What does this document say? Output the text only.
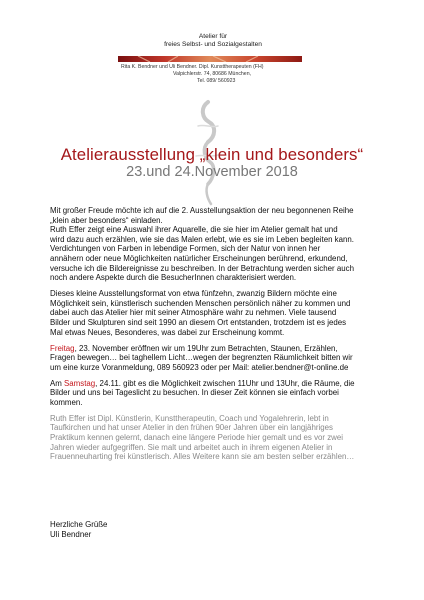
Atelier für
freies Selbst- und Sozialgestalten
Rita K. Bendner und Uli Bendner. Dipl. Kunsttherapeuten (FH)
Valpichlerstr. 74, 80686 München,
Tel. 089/ 560923
Atelierausstellung „klein und besonders“
23.und 24.November 2018
Mit großer Freude möchte ich auf die 2. Ausstellungsaktion der neu begonnenen Reihe
„klein aber besonders“ einladen.
Ruth Effer zeigt eine Auswahl ihrer Aquarelle, die sie hier im Atelier gemalt hat und
wird dazu auch erzählen, wie sie das Malen erlebt, wie es sie im Leben begleiten kann.
Verdichtungen von Farben in lebendige Formen, sich der Natur von innen her
annähern oder neue Möglichkeiten natürlicher Erscheinungen berührend, erkundend,
versuche ich die Bildereignisse zu beschreiben. In der Betrachtung werden sicher auch
noch andere Aspekte durch die BesucherInnen charakterisiert werden.
Dieses kleine Ausstellungsformat von etwa fünfzehn, zwanzig Bildern möchte eine
Möglichkeit sein, künstlerisch suchenden Menschen persönlich näher zu kommen und
dabei auch das Atelier hier mit seiner Atmosphäre wahr zu nehmen. Viele tausend
Bilder und Skulpturen sind seit 1990 an diesem Ort entstanden, trotzdem ist es jedes
Mal etwas Neues, Besonderes, was dabei zur Erscheinung kommt.
Freitag, 23. November eröffnen wir um 19Uhr zum Betrachten, Staunen, Erzählen,
Fragen bewegen… bei taghellem Licht…wegen der begrenzten Räumlichkeit bitten wir
um eine kurze Voranmeldung, 089 560923 oder per Mail: atelier.bendner@t-online.de
Am Samstag, 24.11. gibt es die Möglichkeit zwischen 11Uhr und 13Uhr, die Räume, die
Bilder und uns bei Tageslicht zu besuchen. In dieser Zeit können sie einfach vorbei
kommen.
Ruth Effer ist Dipl. Künstlerin, Kunsttherapeutin, Coach und Yogalehrerin, lebt in
Taufkirchen und hat unser Atelier in den frühen 90er Jahren über ein langjähriges
Praktikum kennen gelernt, danach eine längere Periode hier gemalt und es vor zwei
Jahren wieder aufgegriffen. Sie malt und arbeitet auch in ihrem eigenen Atelier in
Frauenneuharting frei künstlerisch. Alles Weitere kann sie am besten selber erzählen…
Herzliche Grüße
Uli Bendner
